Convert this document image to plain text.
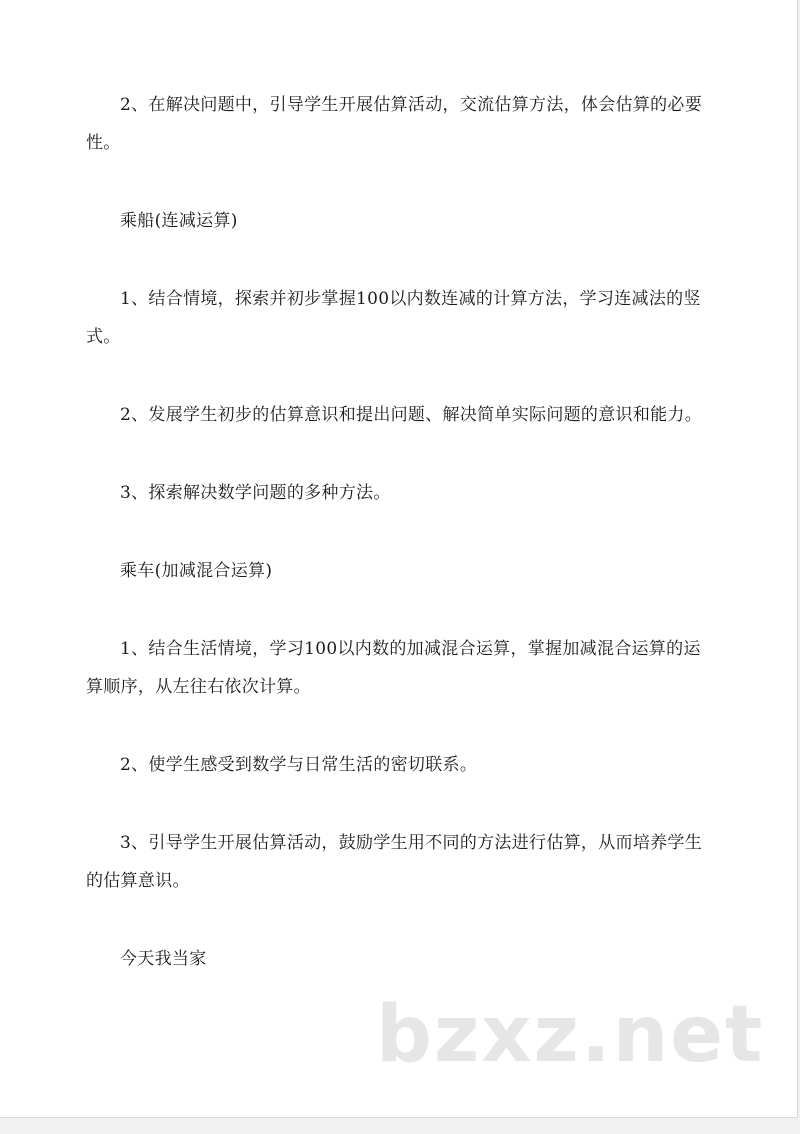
2、在解决问题中，引导学生开展估算活动，交流估算方法，体会估算的必要性。

乘船(连减运算)

1、结合情境，探索并初步掌握100以内数连减的计算方法，学习连减法的竖式。

2、发展学生初步的估算意识和提出问题、解决简单实际问题的意识和能力。

3、探索解决数学问题的多种方法。

乘车(加减混合运算)

1、结合生活情境，学习100以内数的加减混合运算，掌握加减混合运算的运算顺序，从左往右依次计算。

2、使学生感受到数学与日常生活的密切联系。

3、引导学生开展估算活动，鼓励学生用不同的方法进行估算，从而培养学生的估算意识。

今天我当家

bzxz.net
